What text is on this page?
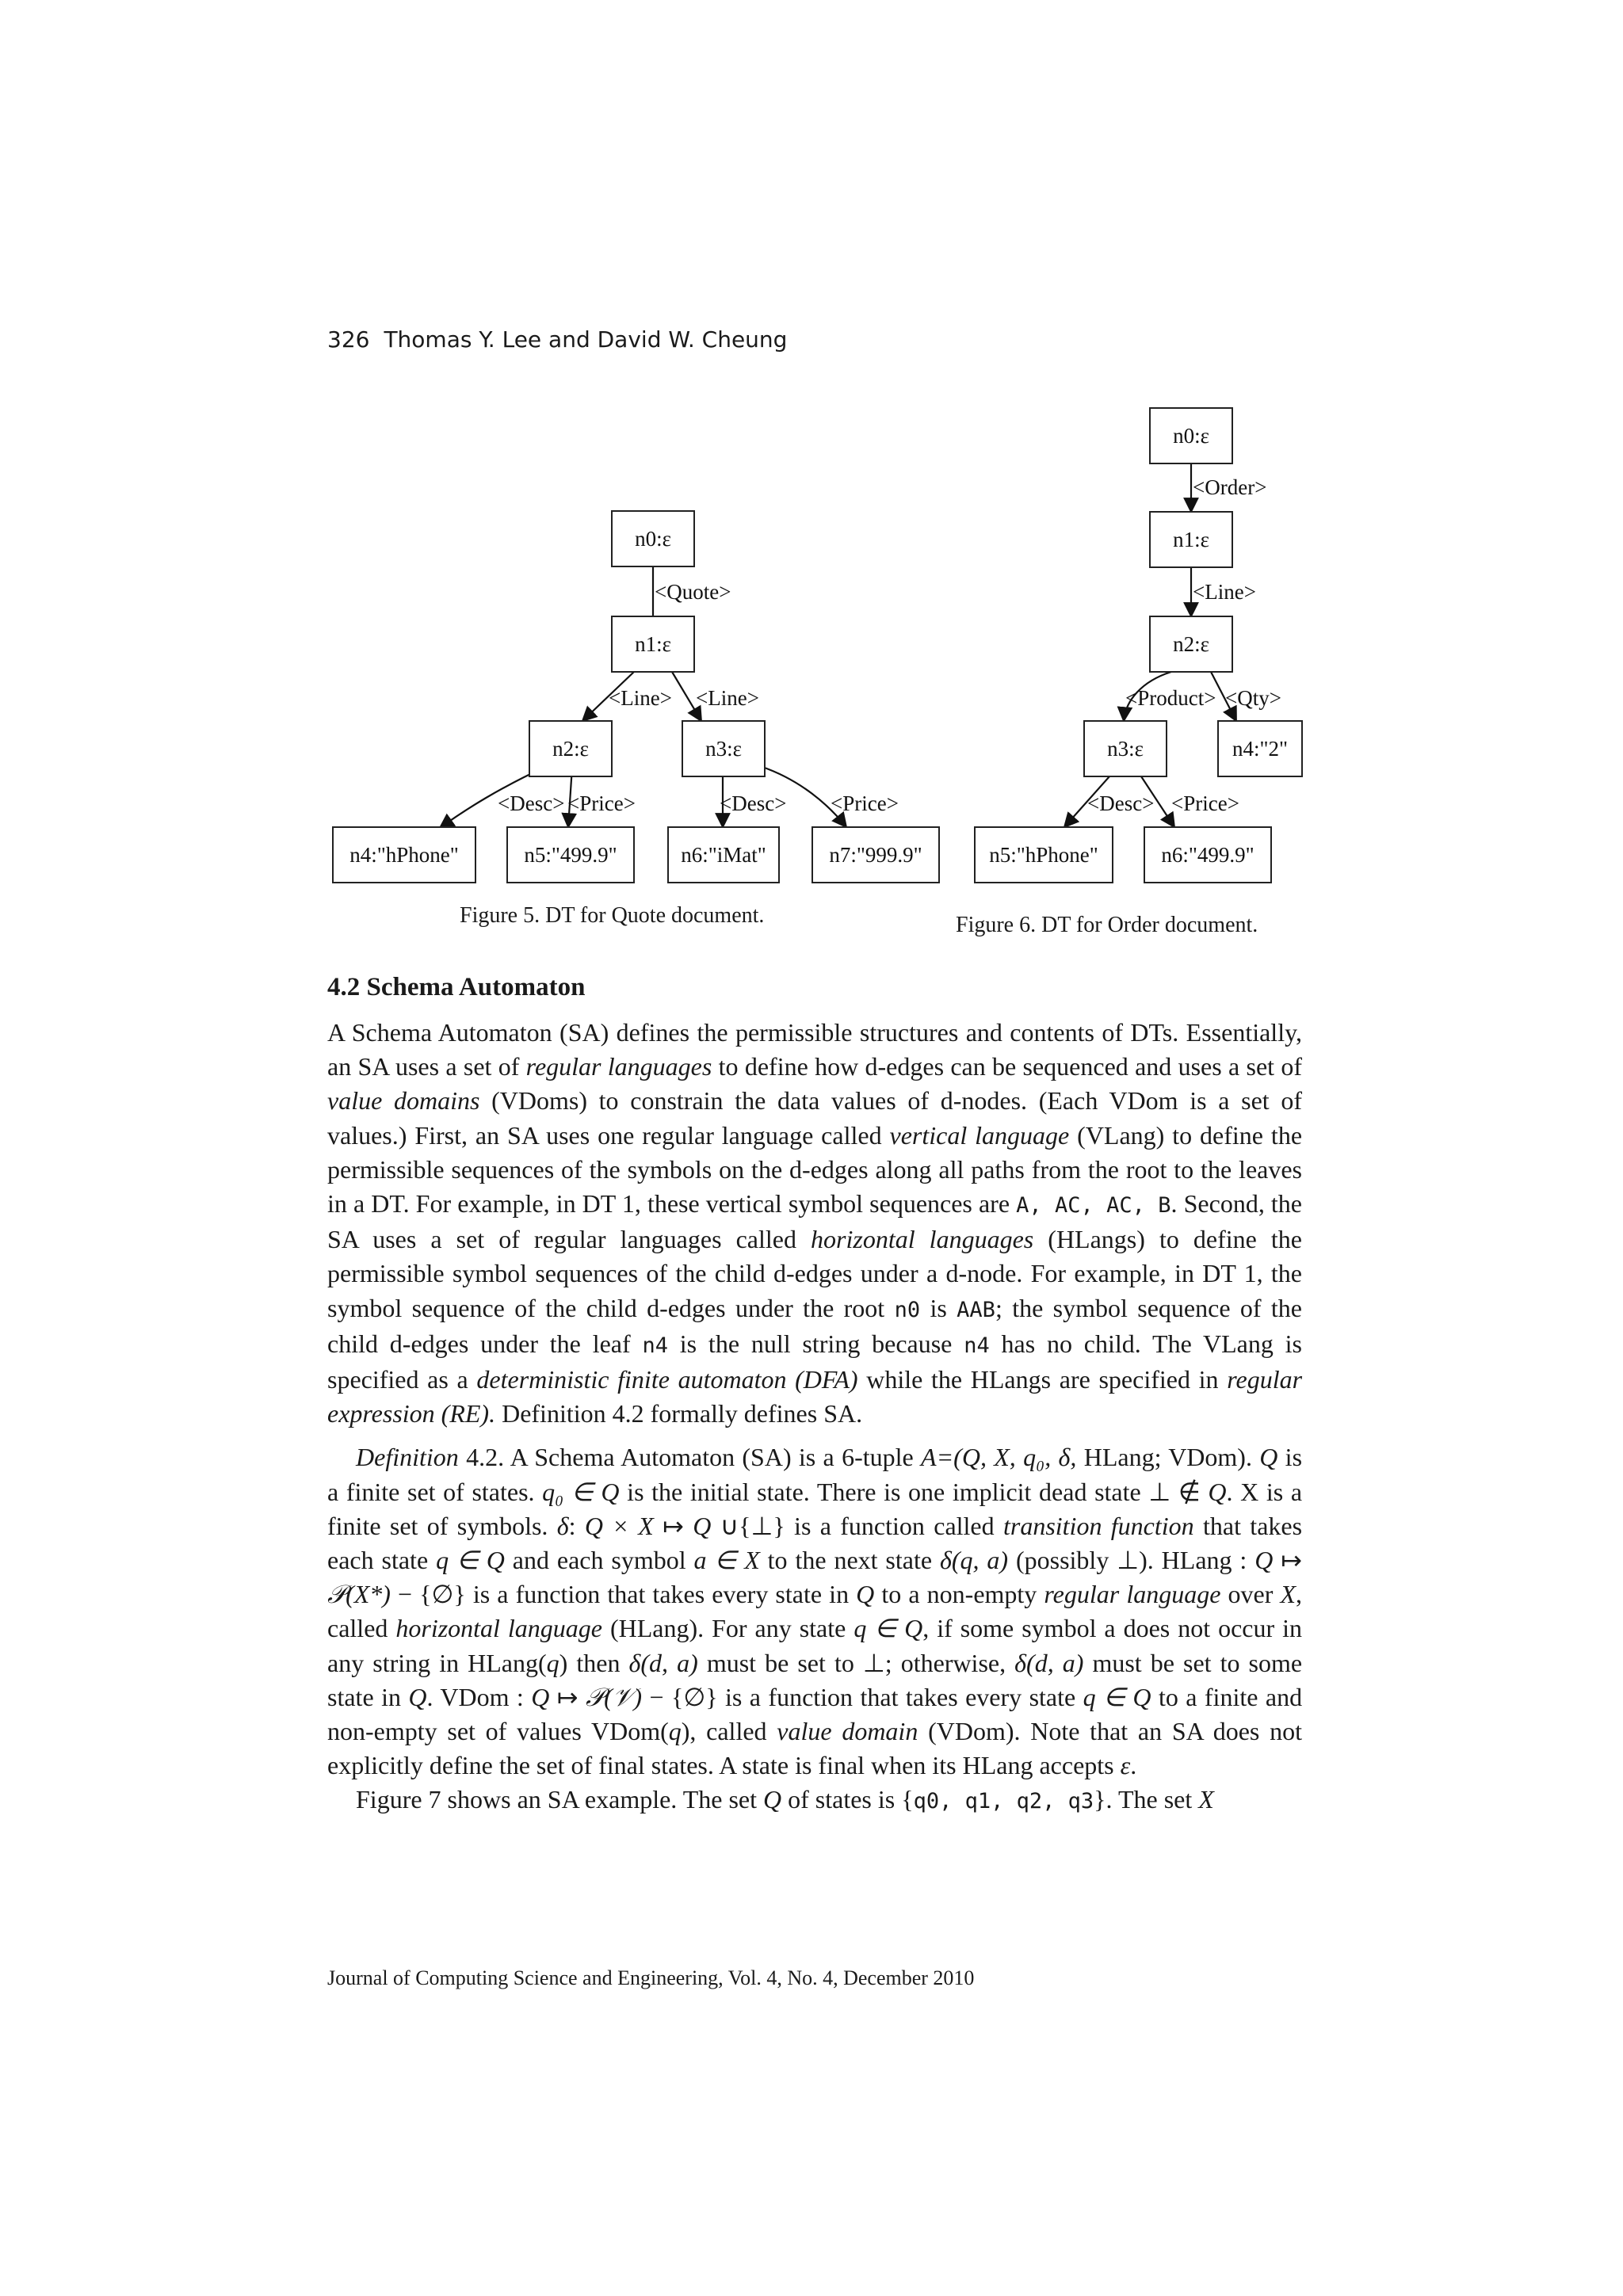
326 Thomas Y. Lee and David W. Cheung
<Quote>
<Line> <Line>
<Desc> <Price>	<Desc> <Price>
n0:ε
n1:ε
n2:ε	n3:ε
n4:"hPhone"	n5:"499.9"	n6:"iMat"	n7:"999.9"
<Order>
<Line>
<Product> <Qty>
<Desc> <Price>
n0:ε
n1:ε
n2:ε
n3:ε	n4:"2"
n5:"hPhone"	n6:"499.9"
Figure 5. DT for Quote document.	Figure 6. DT for Order document.
4.2 Schema Automaton

A Schema Automaton (SA) defines the permissible structures and contents of DTs. Essentially, an SA uses a set of regular languages to define how d-edges can be sequenced and uses a set of value domains (VDoms) to constrain the data values of d-nodes. (Each VDom is a set of values.) First, an SA uses one regular language called vertical language (VLang) to define the permissible sequences of the symbols on the d-edges along all paths from the root to the leaves in a DT. For example, in DT 1, these vertical symbol sequences are A, AC, AC, B. Second, the SA uses a set of regular languages called horizontal languages (HLangs) to define the permissible symbol sequences of the child d-edges under a d-node. For example, in DT 1, the symbol sequence of the child d-edges under the root n0 is AAB; the symbol sequence of the child d-edges under the leaf n4 is the null string because n4 has no child. The VLang is specified as a deterministic finite automaton (DFA) while the HLangs are specified in regular expression (RE). Definition 4.2 formally defines SA.

Definition 4.2. A Schema Automaton (SA) is a 6-tuple A=(Q, X, q₀, δ, HLang; VDom). Q is a finite set of states. q₀ ∈ Q is the initial state. There is one implicit dead state ⊥ ∉ Q. X is a finite set of symbols. δ: Q × X ↦ Q ∪{⊥} is a function called transition function that takes each state q ∈ Q and each symbol a ∈ X to the next state δ(q, a) (possibly ⊥). HLang : Q ↦ 𝒫(X*) − {∅} is a function that takes every state in Q to a non-empty regular language over X, called horizontal language (HLang). For any state q ∈ Q, if some symbol a does not occur in any string in HLang(q) then δ(d, a) must be set to ⊥; otherwise, δ(d, a) must be set to some state in Q. VDom : Q ↦ 𝒫(𝒱) − {∅} is a function that takes every state q ∈ Q to a finite and non-empty set of values VDom(q), called value domain (VDom). Note that an SA does not explicitly define the set of final states. A state is final when its HLang accepts ε.

Figure 7 shows an SA example. The set Q of states is {q0, q1, q2, q3}. The set X

Journal of Computing Science and Engineering, Vol. 4, No. 4, December 2010
